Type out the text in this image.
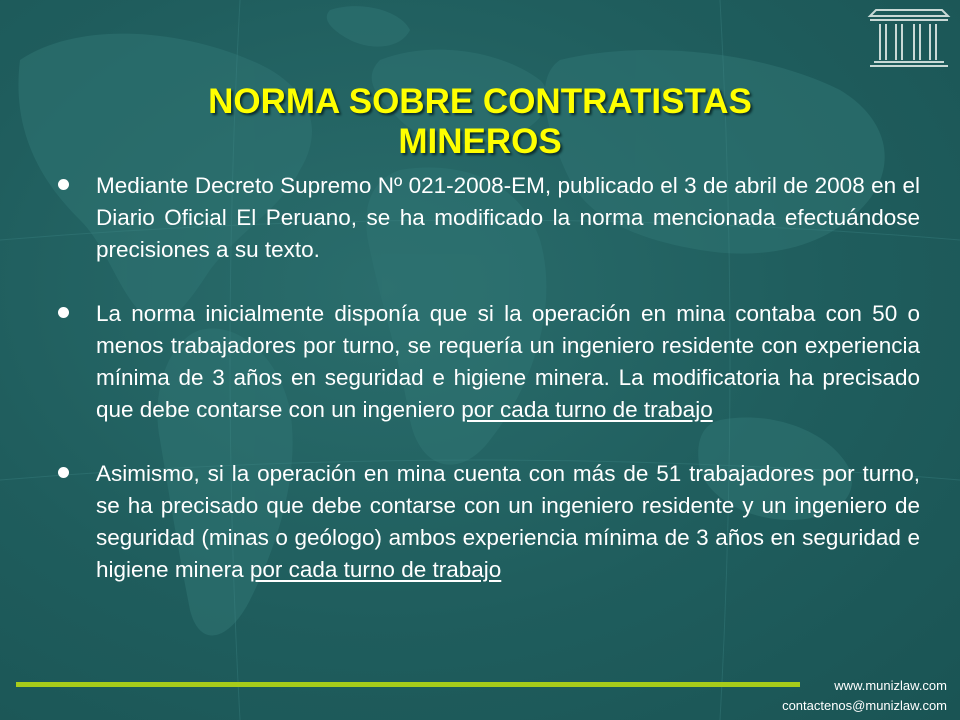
NORMA SOBRE CONTRATISTAS
MINEROS
Mediante Decreto Supremo Nº 021-2008-EM, publicado el 3 de abril de 2008 en el Diario Oficial El Peruano, se ha modificado la norma mencionada efectuándose precisiones a su texto.
La norma inicialmente disponía que si la operación en mina contaba con 50 o menos trabajadores por turno, se requería un ingeniero residente con experiencia mínima de 3 años en seguridad e higiene minera. La modificatoria ha precisado que debe contarse con un ingeniero por cada turno de trabajo
Asimismo, si la operación en mina cuenta con más de 51 trabajadores por turno, se ha precisado que debe contarse con un ingeniero residente y un ingeniero de seguridad (minas o geólogo) ambos experiencia mínima de 3 años en seguridad e higiene minera por cada turno de trabajo
www.munizlaw.com
contactenos@munizlaw.com
